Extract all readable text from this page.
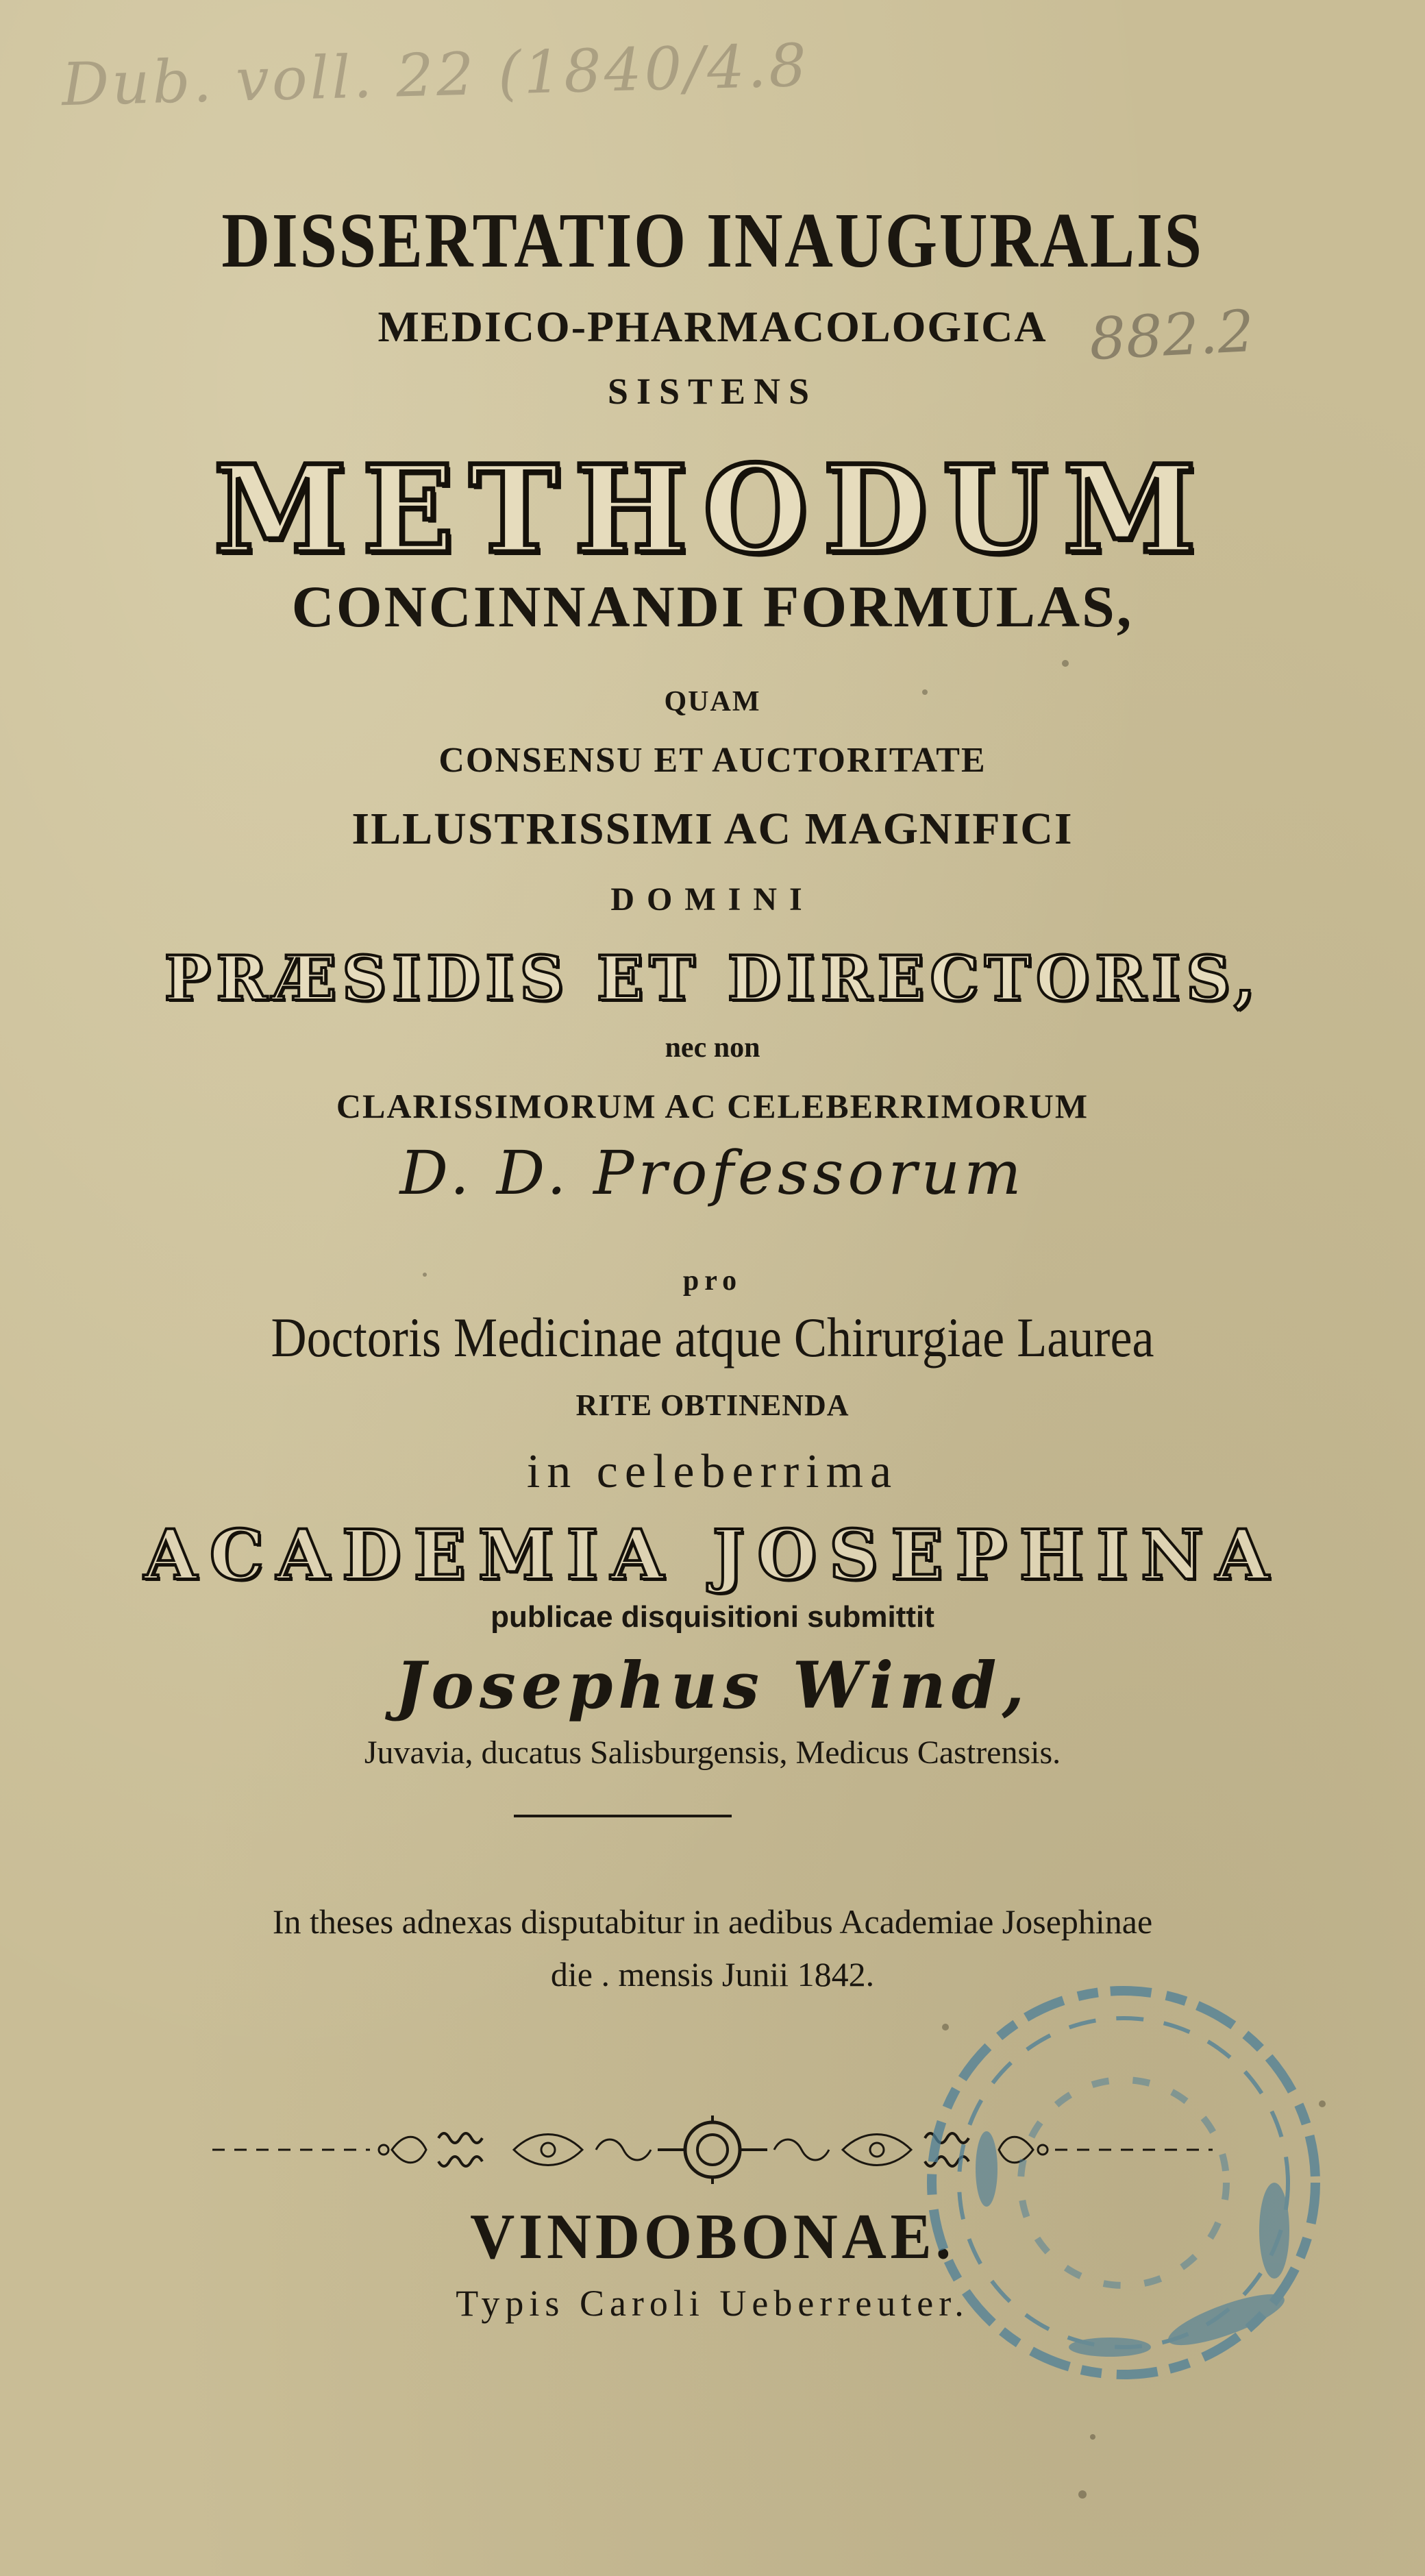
Dub. voll. 22 (1840/4.8
882.2
DISSERTATIO INAUGURALIS
MEDICO-PHARMACOLOGICA
SISTENS
METHODUM
CONCINNANDI FORMULAS,
QUAM
CONSENSU ET AUCTORITATE
ILLUSTRISSIMI AC MAGNIFICI
DOMINI
PRÆSIDIS ET DIRECTORIS,
nec non
CLARISSIMORUM AC CELEBERRIMORUM
D. D. Professorum
pro
Doctoris Medicinae atque Chirurgiae Laurea
RITE OBTINENDA
in celeberrima
ACADEMIA JOSEPHINA
publicae disquisitioni submittit
Josephus Wind,
Juvavia, ducatus Salisburgensis, Medicus Castrensis.
In theses adnexas disputabitur in aedibus Academiae Josephinae
die . mensis Junii 1842.
VINDOBONAE.
Typis Caroli Ueberreuter.
